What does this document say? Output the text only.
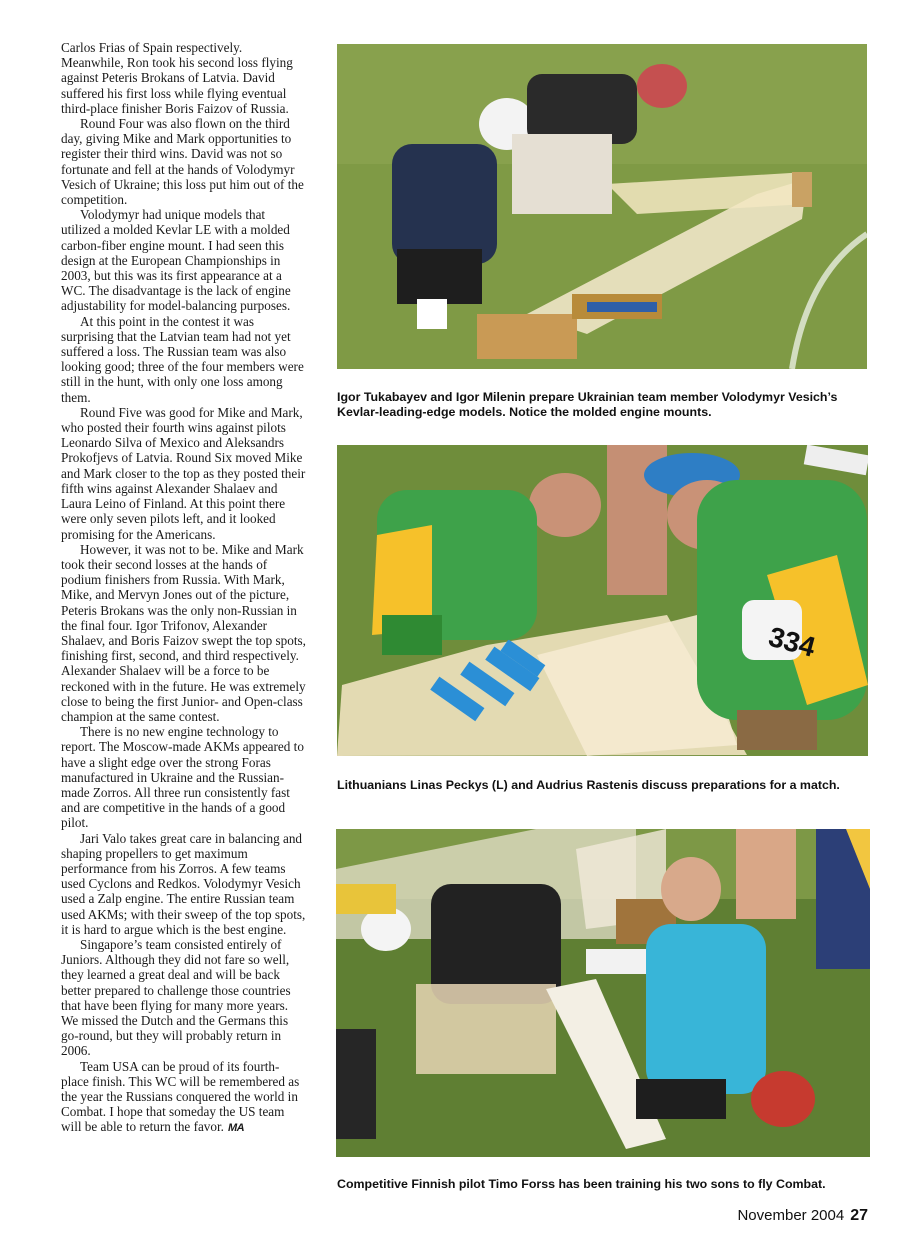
Carlos Frias of Spain respectively. Meanwhile, Ron took his second loss flying against Peteris Brokans of Latvia. David suffered his first loss while flying eventual third-place finisher Boris Faizov of Russia.

Round Four was also flown on the third day, giving Mike and Mark opportunities to register their third wins. David was not so fortunate and fell at the hands of Volodymyr Vesich of Ukraine; this loss put him out of the competition.

Volodymyr had unique models that utilized a molded Kevlar LE with a molded carbon-fiber engine mount. I had seen this design at the European Championships in 2003, but this was its first appearance at a WC. The disadvantage is the lack of engine adjustability for model-balancing purposes.

At this point in the contest it was surprising that the Latvian team had not yet suffered a loss. The Russian team was also looking good; three of the four members were still in the hunt, with only one loss among them.

Round Five was good for Mike and Mark, who posted their fourth wins against pilots Leonardo Silva of Mexico and Aleksandrs Prokofjevs of Latvia. Round Six moved Mike and Mark closer to the top as they posted their fifth wins against Alexander Shalaev and Laura Leino of Finland. At this point there were only seven pilots left, and it looked promising for the Americans.

However, it was not to be. Mike and Mark took their second losses at the hands of podium finishers from Russia. With Mark, Mike, and Mervyn Jones out of the picture, Peteris Brokans was the only non-Russian in the final four. Igor Trifonov, Alexander Shalaev, and Boris Faizov swept the top spots, finishing first, second, and third respectively. Alexander Shalaev will be a force to be reckoned with in the future. He was extremely close to being the first Junior- and Open-class champion at the same contest.

There is no new engine technology to report. The Moscow-made AKMs appeared to have a slight edge over the strong Foras manufactured in Ukraine and the Russian-made Zorros. All three run consistently fast and are competitive in the hands of a good pilot.

Jari Valo takes great care in balancing and shaping propellers to get maximum performance from his Zorros. A few teams used Cyclons and Redkos. Volodymyr Vesich used a Zalp engine. The entire Russian team used AKMs; with their sweep of the top spots, it is hard to argue which is the best engine.

Singapore’s team consisted entirely of Juniors. Although they did not fare so well, they learned a great deal and will be back better prepared to challenge those countries that have been flying for many more years. We missed the Dutch and the Germans this go-round, but they will probably return in 2006.

Team USA can be proud of its fourth-place finish. This WC will be remembered as the year the Russians conquered the world in Combat. I hope that someday the US team will be able to return the favor. MA

Igor Tukabayev and Igor Milenin prepare Ukrainian team member Volodymyr Vesich’s Kevlar-leading-edge models. Notice the molded engine mounts.
334
Lithuanians Linas Peckys (L) and Audrius Rastenis discuss preparations for a match.
Competitive Finnish pilot Timo Forss has been training his two sons to fly Combat.
November 2004 27
